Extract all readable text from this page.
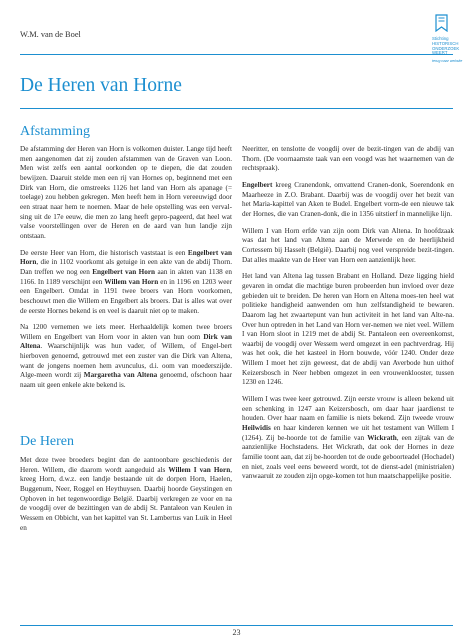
W.M. van de Boel	Stichting HISTORISCH ONDERZOEK WEERT
terug naar website
De Heren van Horne
Afstamming

De afstamming der Heren van Horn is volkomen duister. Lange tijd heeft men aangenomen dat zij zouden afstammen van de Graven van Loon. Men wist zelfs een aantal oorkonden op te diepen, die dat zouden bewijzen. Daaruit stelde men een rij van Hornes op, beginnend met een Dirk van Horn, die omstreeks 1126 het land van Horn als apanage (= toelage) zou hebben gekregen. Men heeft hem in Horn vereeuwigd door een straat naar hem te noemen. Maar de hele opstelling was een verval-sing uit de 17e eeuw, die men zo lang heeft gepro-pageerd, dat heel wat valse voorstellingen over de Heren en de aard van hun landje zijn ontstaan.

De eerste Heer van Horn, die historisch vaststaat is een Engelbert van Horn, die in 1102 voorkomt als getuige in een akte van de abdij Thorn. Dan treffen we nog een Engelbert van Horn aan in akten van 1138 en 1166. In 1189 verschijnt een Willem van Horn en in 1196 en 1203 weer een Engelbert. Omdat in 1191 twee broers van Horn voorkomen, beschouwt men die Willem en Engelbert als broers. Dat is alles wat over de eerste Hornes bekend is en veel is daaruit niet op te maken.

Na 1200 vernemen we iets meer. Herhaaldelijk komen twee broers Willem en Engelbert van Horn voor in akten van hun oom Dirk van Altena. Waarschijnlijk was hun vader, of Willem, of Engel-bert hierboven genoemd, getrouwd met een zuster van die Dirk van Altena, want de jongens noemen hem avunculus, d.i. oom van moederszijde. Alge-meen wordt zij Margaretha van Altena genoemd, ofschoon haar naam uit geen enkele akte bekend is.

De Heren

Met deze twee broeders begint dan de aantoonbare geschiedenis der Heren. Willem, die daarom wordt aangeduid als Willem I van Horn, kreeg Horn, d.w.z. een landje bestaande uit de dorpen Horn, Haelen, Buggenum, Neer, Roggel en Heythuysen. Daarbij hoorde Geystingen en Ophoven in het tegenwoordige België. Daarbij verkregen ze voor en na de voogdij over de bezittingen van de abdij St. Pantaleon van Keulen in Wessem en Obbicht, van het kapittel van St. Lambertus van Luik in Heel en

Neeritter, en tenslotte de voogdij over de bezit-tingen van de abdij van Thorn. (De voornaamste taak van een voogd was het waarnemen van de rechtspraak).

Engelbert kreeg Cranendonk, omvattend Cranen-donk, Soerendonk en Maarheeze in Z.O. Brabant. Daarbij was de voogdij over het bezit van het Maria-kapittel van Aken te Budel. Engelbert vorm-de een nieuwe tak der Hornes, die van Cranen-donk, die in 1356 uitstierf in mannelijke lijn.

Willem I van Horn erfde van zijn oom Dirk van Altena. In hoofdzaak was dat het land van Altena aan de Merwede en de heerlijkheid Cortessem bij Hasselt (België). Daarbij nog veel verspreide bezit-tingen. Dat alles maakte van de Heer van Horn een aanzienlijk heer.

Het land van Altena lag tussen Brabant en Holland. Deze ligging hield gevaren in omdat die machtige buren probeerden hun invloed over deze gebieden uit te breiden. De heren van Horn en Altena moes-ten heel wat politieke handigheid aanwenden om hun zelfstandigheid te bewaren. Daarom lag het zwaartepunt van hun activiteit in het land van Alte-na. Over hun optreden in het Land van Horn ver-nemen we niet veel. Willem I van Horn sloot in 1219 met de abdij St. Pantaleon een overeenkomst, waarbij de voogdij over Wessem werd omgezet in een pachtverdrag. Hij was het ook, die het kasteel in Horn bouwde, vóór 1240. Onder deze Willem I moet het zijn geweest, dat de abdij van Averbode hun uithof Keizersbosch in Neer hebben omgezet in een vrouwenklooster, tussen 1230 en 1246.

Willem I was twee keer getrouwd. Zijn eerste vrouw is alleen bekend uit een schenking in 1247 aan Keizersbosch, om daar haar jaardienst te houden. Over haar naam en familie is niets bekend. Zijn tweede vrouw Heilwidis en haar kinderen kennen we uit het testament van Willem I (1264). Zij be-hoorde tot de familie van Wickrath, een zijtak van de aanzienlijke Hochstadens. Het Wickrath, dat ook der Hornes in deze familie toont aan, dat zij be-hoorden tot de oude geboorteadel (Hochadel) en niet, zoals veel eens beweerd wordt, tot de dienst-adel (ministrialen) vanwaaruit ze zouden zijn opge-komen tot hun maatschappelijke positie.

23
